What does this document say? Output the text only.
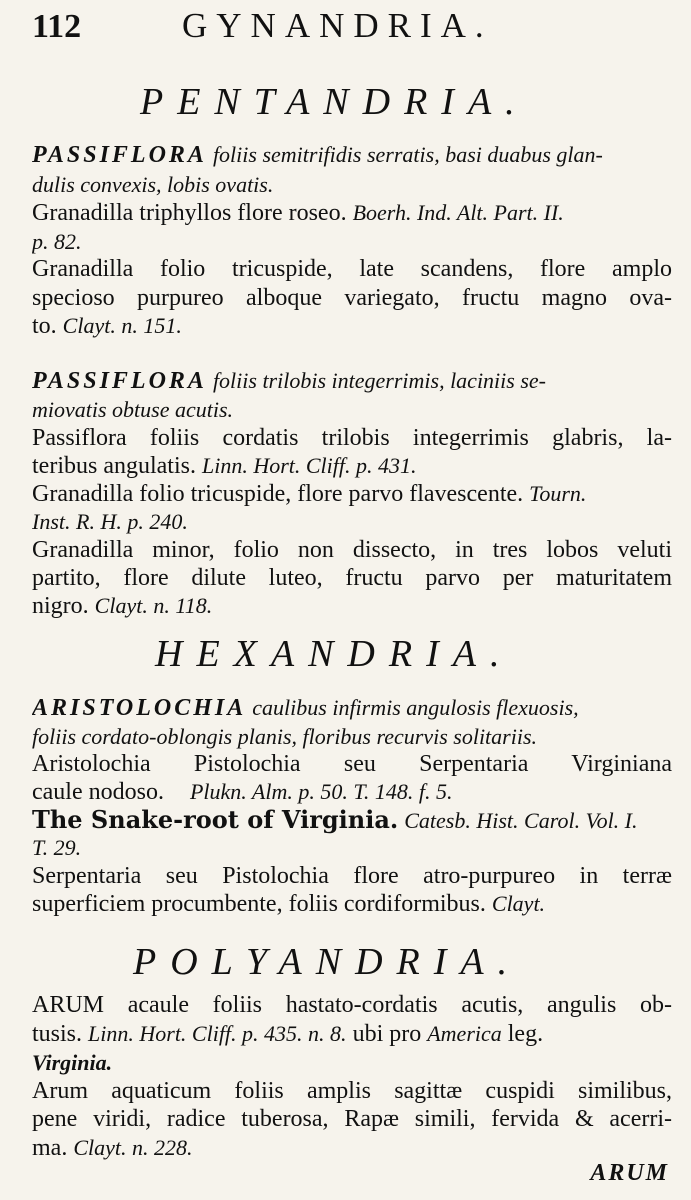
112	GYNANDRIA.
PENTANDRIA.
PASSIFLORA foliis semitrifidis serratis, basi duabus glan-
dulis convexis, lobis ovatis.
Granadilla triphyllos flore roseo. Boerh. Ind. Alt. Part. II.
p. 82.
Granadilla folio tricuspide, late scandens, flore amplo
specioso purpureo alboque variegato, fructu magno ova-
to. Clayt. n. 151.
PASSIFLORA foliis trilobis integerrimis, laciniis se-
miovatis obtuse acutis.
Passiflora foliis cordatis trilobis integerrimis glabris, la-
teribus angulatis. Linn. Hort. Cliff. p. 431.
Granadilla folio tricuspide, flore parvo flavescente. Tourn.
Inst. R. H. p. 240.
Granadilla minor, folio non dissecto, in tres lobos veluti
partito, flore dilute luteo, fructu parvo per maturitatem
nigro. Clayt. n. 118.
HEXANDRIA.
ARISTOLOCHIA caulibus infirmis angulosis flexuosis,
foliis cordato-oblongis planis, floribus recurvis solitariis.
Aristolochia Pistolochia seu Serpentaria Virginiana
caule nodoso. Plukn. Alm. p. 50. T. 148. f. 5.
The Snake-root of Virginia. Catesb. Hist. Carol. Vol. I.
T. 29.
Serpentaria seu Pistolochia flore atro-purpureo in terræ
superficiem procumbente, foliis cordiformibus. Clayt.
POLYANDRIA.
ARUM acaule foliis hastato-cordatis acutis, angulis ob-
tusis. Linn. Hort. Cliff. p. 435. n. 8. ubi pro America leg.
Virginia.
Arum aquaticum foliis amplis sagittæ cuspidi similibus,
pene viridi, radice tuberosa, Rapæ simili, fervida & acerri-
ma. Clayt. n. 228.
ARUM
